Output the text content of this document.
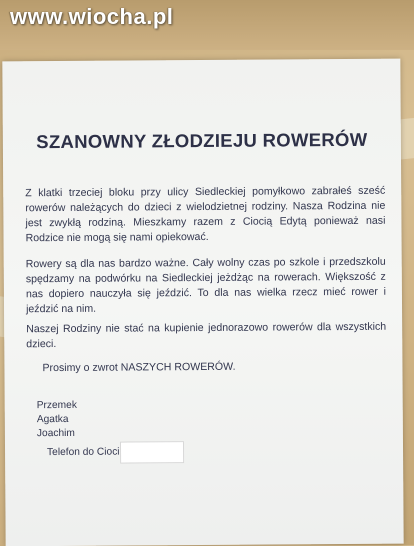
SZANOWNY ZŁODZIEJU ROWERÓW
Z klatki trzeciej bloku przy ulicy Siedleckiej pomyłkowo zabrałeś sześć rowerów należących do dzieci z wielodzietnej rodziny. Nasza Rodzina nie jest zwykłą rodziną. Mieszkamy razem z Ciocią Edytą ponieważ nasi Rodzice nie mogą się nami opiekować.
Rowery są dla nas bardzo ważne. Cały wolny czas po szkole i przedszkolu spędzamy na podwórku na Siedleckiej jeżdżąc na rowerach. Większość z nas dopiero nauczyła się jeździć. To dla nas wielka rzecz mieć rower i jeździć na nim.
Naszej Rodziny nie stać na kupienie jednorazowo rowerów dla wszystkich dzieci.
Prosimy o zwrot NASZYCH ROWERÓW.
Przemek
Agatka
Joachim
Telefon do Cioci
www.wiocha.pl
